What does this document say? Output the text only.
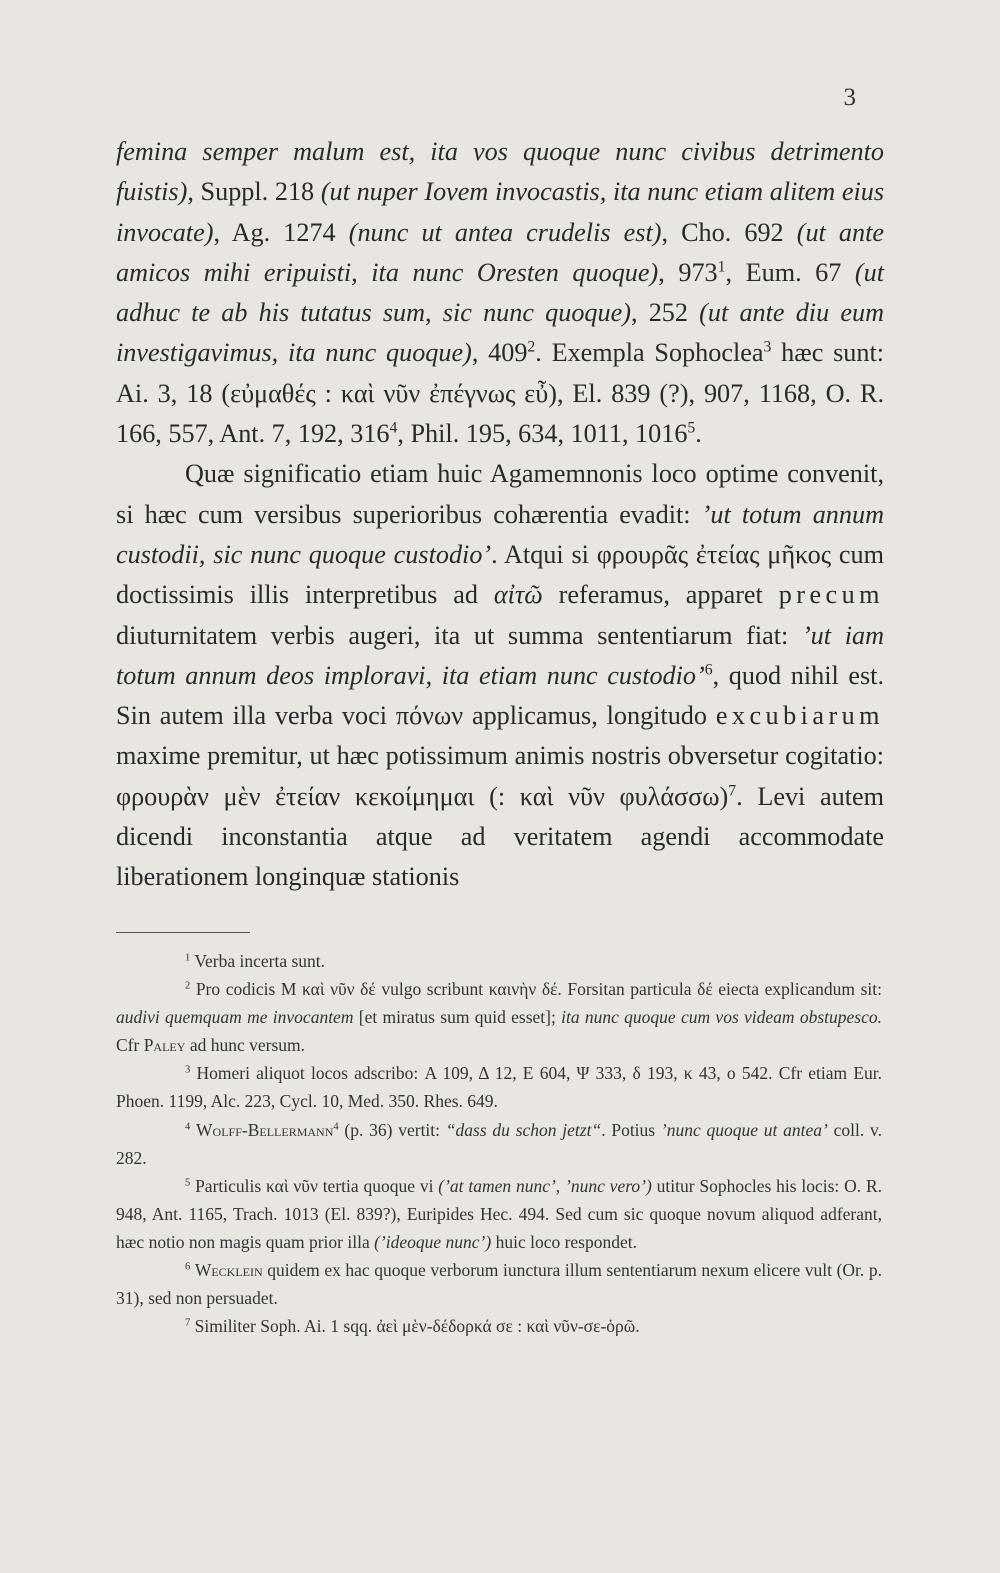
3

femina semper malum est, ita vos quoque nunc civibus detrimento fuistis), Suppl. 218 (ut nuper Iovem invocastis, ita nunc etiam alitem eius invocate), Ag. 1274 (nunc ut antea crudelis est), Cho. 692 (ut ante amicos mihi eripuisti, ita nunc Oresten quoque), $973^1$, Eum. 67 (ut adhuc te ab his tutatus sum, sic nunc quoque), 252 (ut ante diu eum investigavimus, ita nunc quoque), $409^2$. Exempla Sophoclea$^3$ hæc sunt: Ai. 3, 18 (εὐμαθές : καὶ νῦν ἐπέγνως εὖ), El. 839 (?), 907, 1168, O. R. 166, 557, Ant. 7, 192, $316^4$, Phil. 195, 634, 1011, 1016$^5$.

Quæ significatio etiam huic Agamemnonis loco optime convenit, si hæc cum versibus superioribus cohærentia evadit: ’ut totum annum custodii, sic nunc quoque custodio’. Atqui si φρουρᾶς ἐτείας μῆκος cum doctissimis illis interpretibus ad αἰτῶ referamus, apparet precum diuturnitatem verbis augeri, ita ut summa sententiarum fiat: ’ut iam totum annum deos imploravi, ita etiam nunc custodio’$^6$, quod nihil est. Sin autem illa verba voci πόνων applicamus, longitudo excubiarum maxime premitur, ut hæc potissimum animis nostris obversetur cogitatio: φρουρὰν μὲν ἐτείαν κεκοίμημαι (: καὶ νῦν φυλάσσω)$^7$. Levi autem dicendi inconstantia atque ad veritatem agendi accommodate liberationem longinquæ stationis

$^1$ Verba incerta sunt.

$^2$ Pro codicis M καὶ νῦν δέ vulgo scribunt καινὴν δέ. Forsitan particula δέ eiecta explicandum sit: audivi quemquam me invocantem [et miratus sum quid esset]; ita nunc quoque cum vos videam obstupesco. Cfr Paley ad hunc versum.

$^3$ Homeri aliquot locos adscribo: Α 109, Δ 12, Ε 604, Ψ 333, δ 193, κ 43, ο 542. Cfr etiam Eur. Phoen. 1199, Alc. 223, Cycl. 10, Med. 350. Rhes. 649.

$^4$ Wolff-Bellermann$^4$ (p. 36) vertit: “dass du schon jetzt“. Potius ’nunc quoque ut antea’ coll. v. 282.

$^5$ Particulis καὶ νῦν tertia quoque vi (’at tamen nunc’, ’nunc vero’) utitur Sophocles his locis: O. R. 948, Ant. 1165, Trach. 1013 (El. 839?), Euripides Hec. 494. Sed cum sic quoque novum aliquod adferant, hæc notio non magis quam prior illa (’ideoque nunc’) huic loco respondet.

$^6$ Wecklein quidem ex hac quoque verborum iunctura illum sententiarum nexum elicere vult (Or. p. 31), sed non persuadet.

$^7$ Similiter Soph. Ai. 1 sqq. ἀεὶ μὲν-δέδορκά σε : καὶ νῦν-σε-ὁρῶ.
